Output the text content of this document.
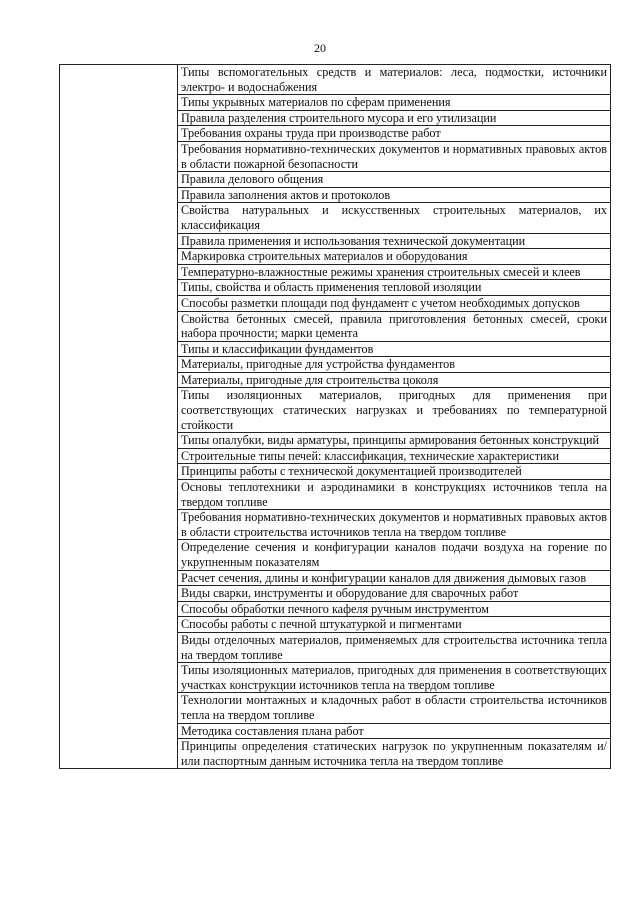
20
	Типы вспомогательных средств и материалов: леса, подмостки, источники электро- и водоснабжения
Типы укрывных материалов по сферам применения
Правила разделения строительного мусора и его утилизации
Требования охраны труда при производстве работ
Требования нормативно-технических документов и нормативных правовых актов в области пожарной безопасности
Правила делового общения
Правила заполнения актов и протоколов
Свойства натуральных и искусственных строительных материалов, их классификация
Правила применения и использования технической документации
Маркировка строительных материалов и оборудования
Температурно-влажностные режимы хранения строительных смесей и клеев
Типы, свойства и область применения тепловой изоляции
Способы разметки площади под фундамент с учетом необходимых допусков
Свойства бетонных смесей, правила приготовления бетонных смесей, сроки набора прочности; марки цемента
Типы и классификации фундаментов
Материалы, пригодные для устройства фундаментов
Материалы, пригодные для строительства цоколя
Типы изоляционных материалов, пригодных для применения при соответствующих статических нагрузках и требованиях по температурной стойкости
Типы опалубки, виды арматуры, принципы армирования бетонных конструкций
Строительные типы печей: классификация, технические характеристики
Принципы работы с технической документацией производителей
Основы теплотехники и аэродинамики в конструкциях источников тепла на твердом топливе
Требования нормативно-технических документов и нормативных правовых актов в области строительства источников тепла на твердом топливе
Определение сечения и конфигурации каналов подачи воздуха на горение по укрупненным показателям
Расчет сечения, длины и конфигурации каналов для движения дымовых газов
Виды сварки, инструменты и оборудование для сварочных работ
Способы обработки печного кафеля ручным инструментом
Способы работы с печной штукатуркой и пигментами
Виды отделочных материалов, применяемых для строительства источника тепла на твердом топливе
Типы изоляционных материалов, пригодных для применения в соответствующих участках конструкции источников тепла на твердом топливе
Технологии монтажных и кладочных работ в области строительства источников тепла на твердом топливе
Методика составления плана работ
Принципы определения статических нагрузок по укрупненным показателям и/или паспортным данным источника тепла на твердом топливе
